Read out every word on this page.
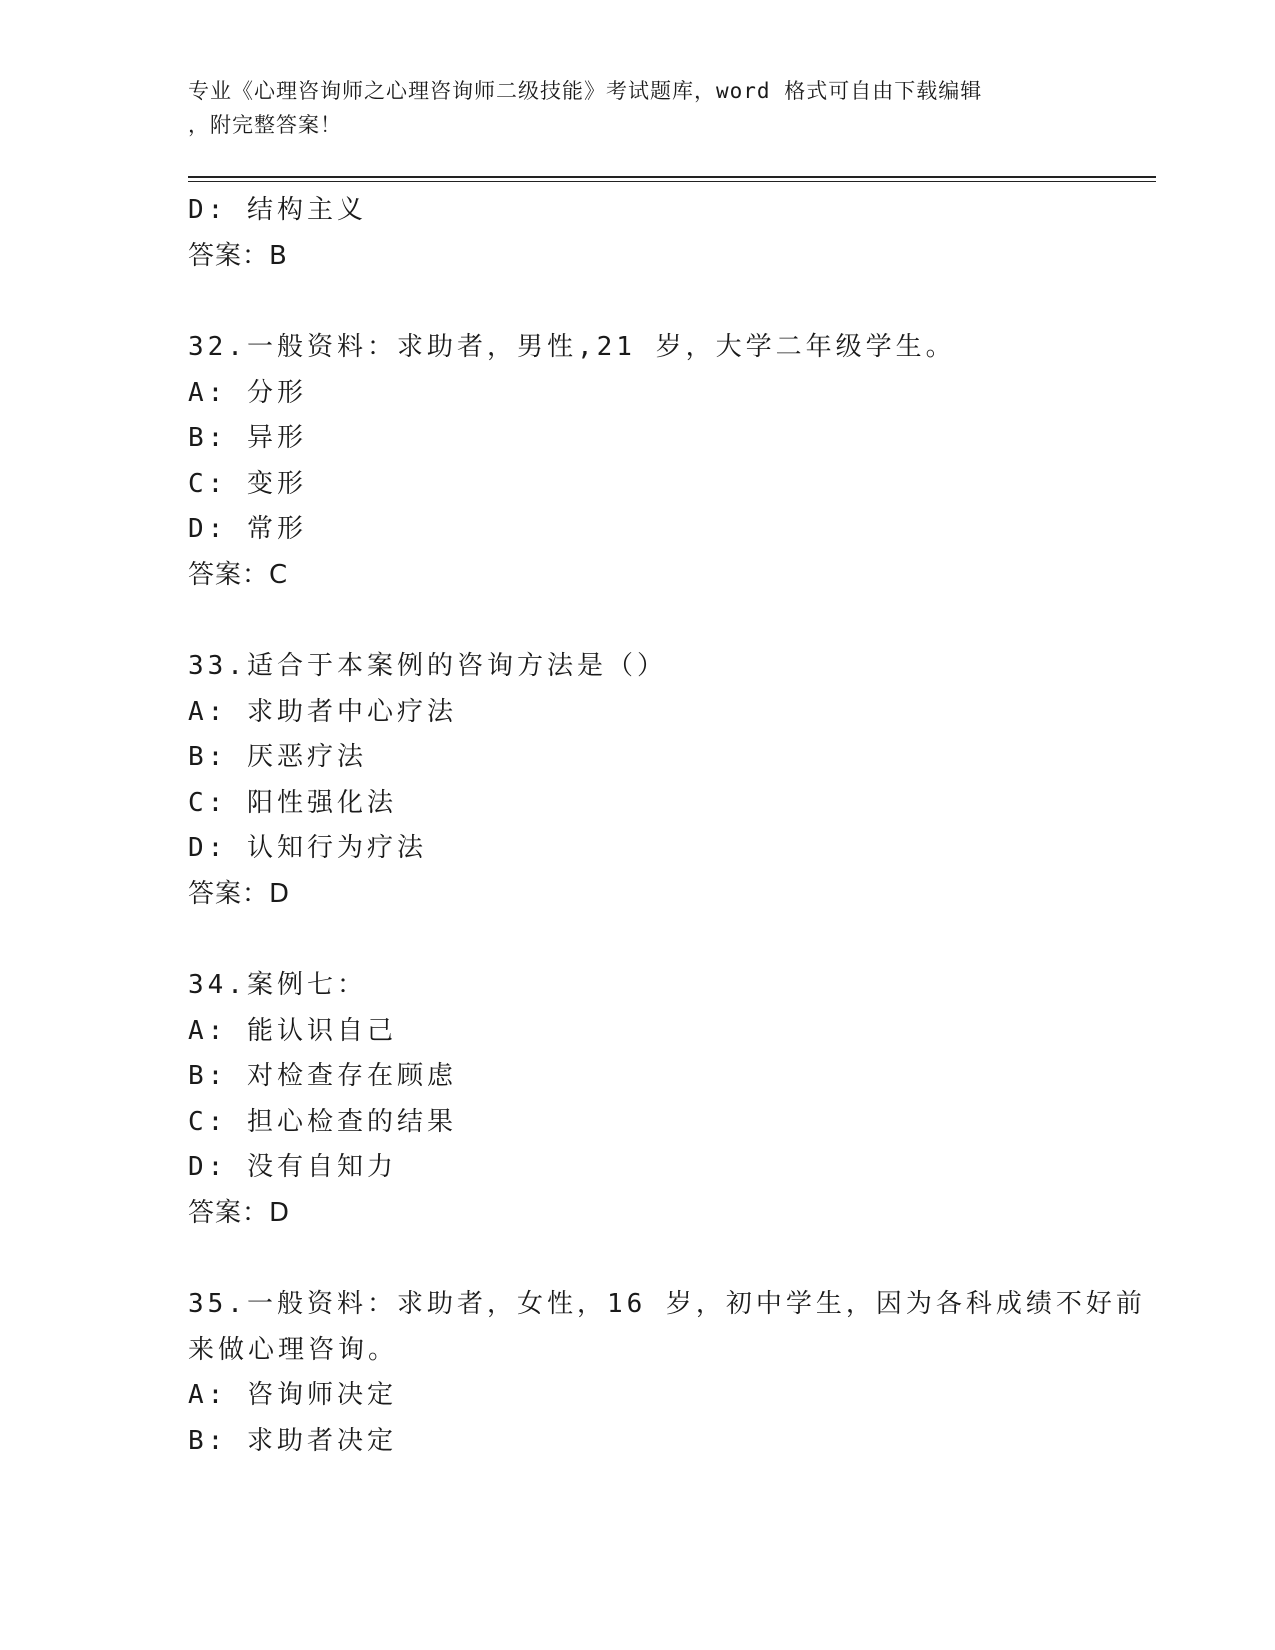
专业《心理咨询师之心理咨询师二级技能》考试题库，word 格式可自由下载编辑
，附完整答案！
D: 结构主义
答案：B
32.一般资料：求助者，男性,21 岁，大学二年级学生。
A: 分形
B: 异形
C: 变形
D: 常形
答案：C
33.适合于本案例的咨询方法是（）
A: 求助者中心疗法
B: 厌恶疗法
C: 阳性强化法
D: 认知行为疗法
答案：D
34.案例七：
A: 能认识自己
B: 对检查存在顾虑
C: 担心检查的结果
D: 没有自知力
答案：D
35.一般资料：求助者，女性，16 岁，初中学生，因为各科成绩不好前
来做心理咨询。
A: 咨询师决定
B: 求助者决定
